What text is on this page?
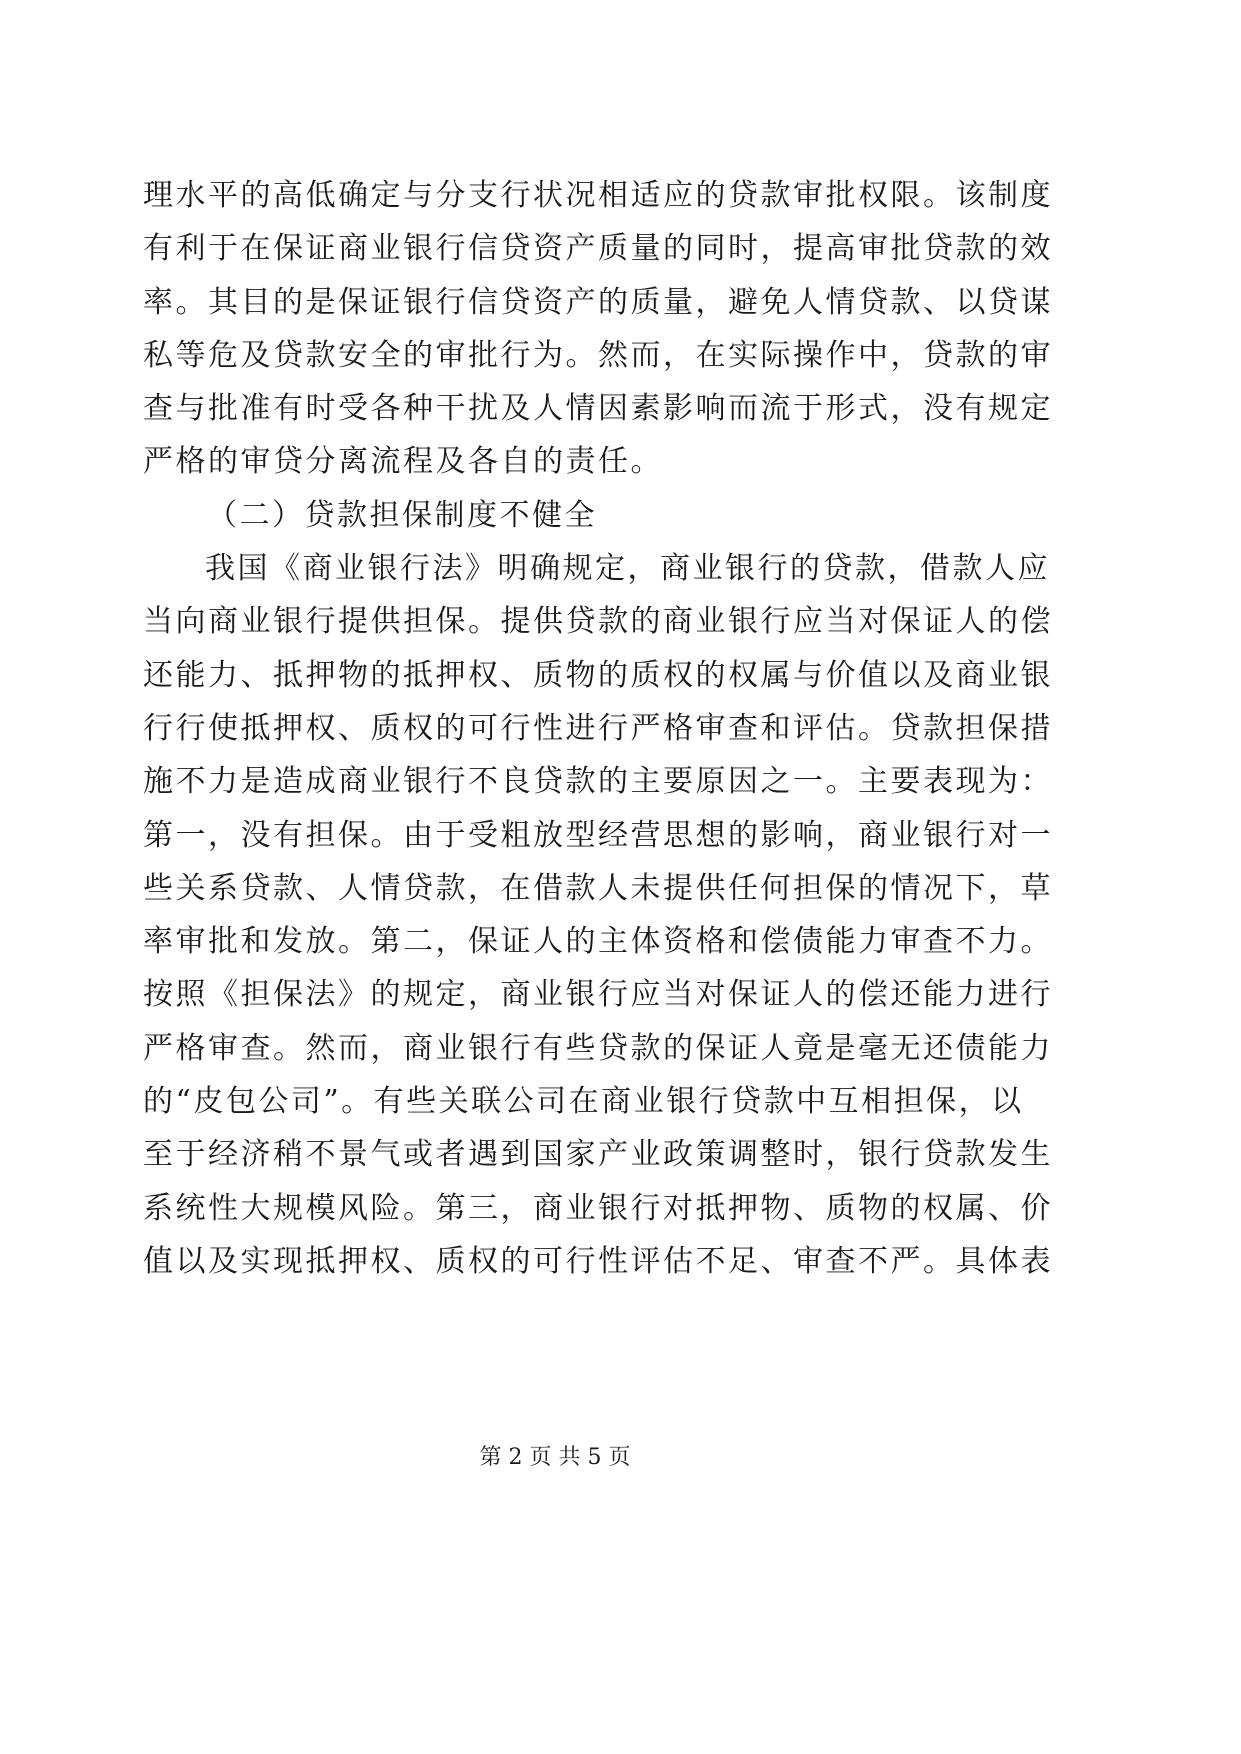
理水平的高低确定与分支行状况相适应的贷款审批权限。该制度
有利于在保证商业银行信贷资产质量的同时，提高审批贷款的效
率。其目的是保证银行信贷资产的质量，避免人情贷款、以贷谋
私等危及贷款安全的审批行为。然而，在实际操作中，贷款的审
查与批准有时受各种干扰及人情因素影响而流于形式，没有规定
严格的审贷分离流程及各自的责任。
（二）贷款担保制度不健全
我国《商业银行法》明确规定，商业银行的贷款，借款人应
当向商业银行提供担保。提供贷款的商业银行应当对保证人的偿
还能力、抵押物的抵押权、质物的质权的权属与价值以及商业银
行行使抵押权、质权的可行性进行严格审查和评估。贷款担保措
施不力是造成商业银行不良贷款的主要原因之一。主要表现为：
第一，没有担保。由于受粗放型经营思想的影响，商业银行对一
些关系贷款、人情贷款，在借款人未提供任何担保的情况下，草
率审批和发放。第二，保证人的主体资格和偿债能力审查不力。
按照《担保法》的规定，商业银行应当对保证人的偿还能力进行
严格审查。然而，商业银行有些贷款的保证人竟是毫无还债能力
的“皮包公司”。有些关联公司在商业银行贷款中互相担保，以
至于经济稍不景气或者遇到国家产业政策调整时，银行贷款发生
系统性大规模风险。第三，商业银行对抵押物、质物的权属、价
值以及实现抵押权、质权的可行性评估不足、审查不严。具体表
第 2 页 共 5 页
